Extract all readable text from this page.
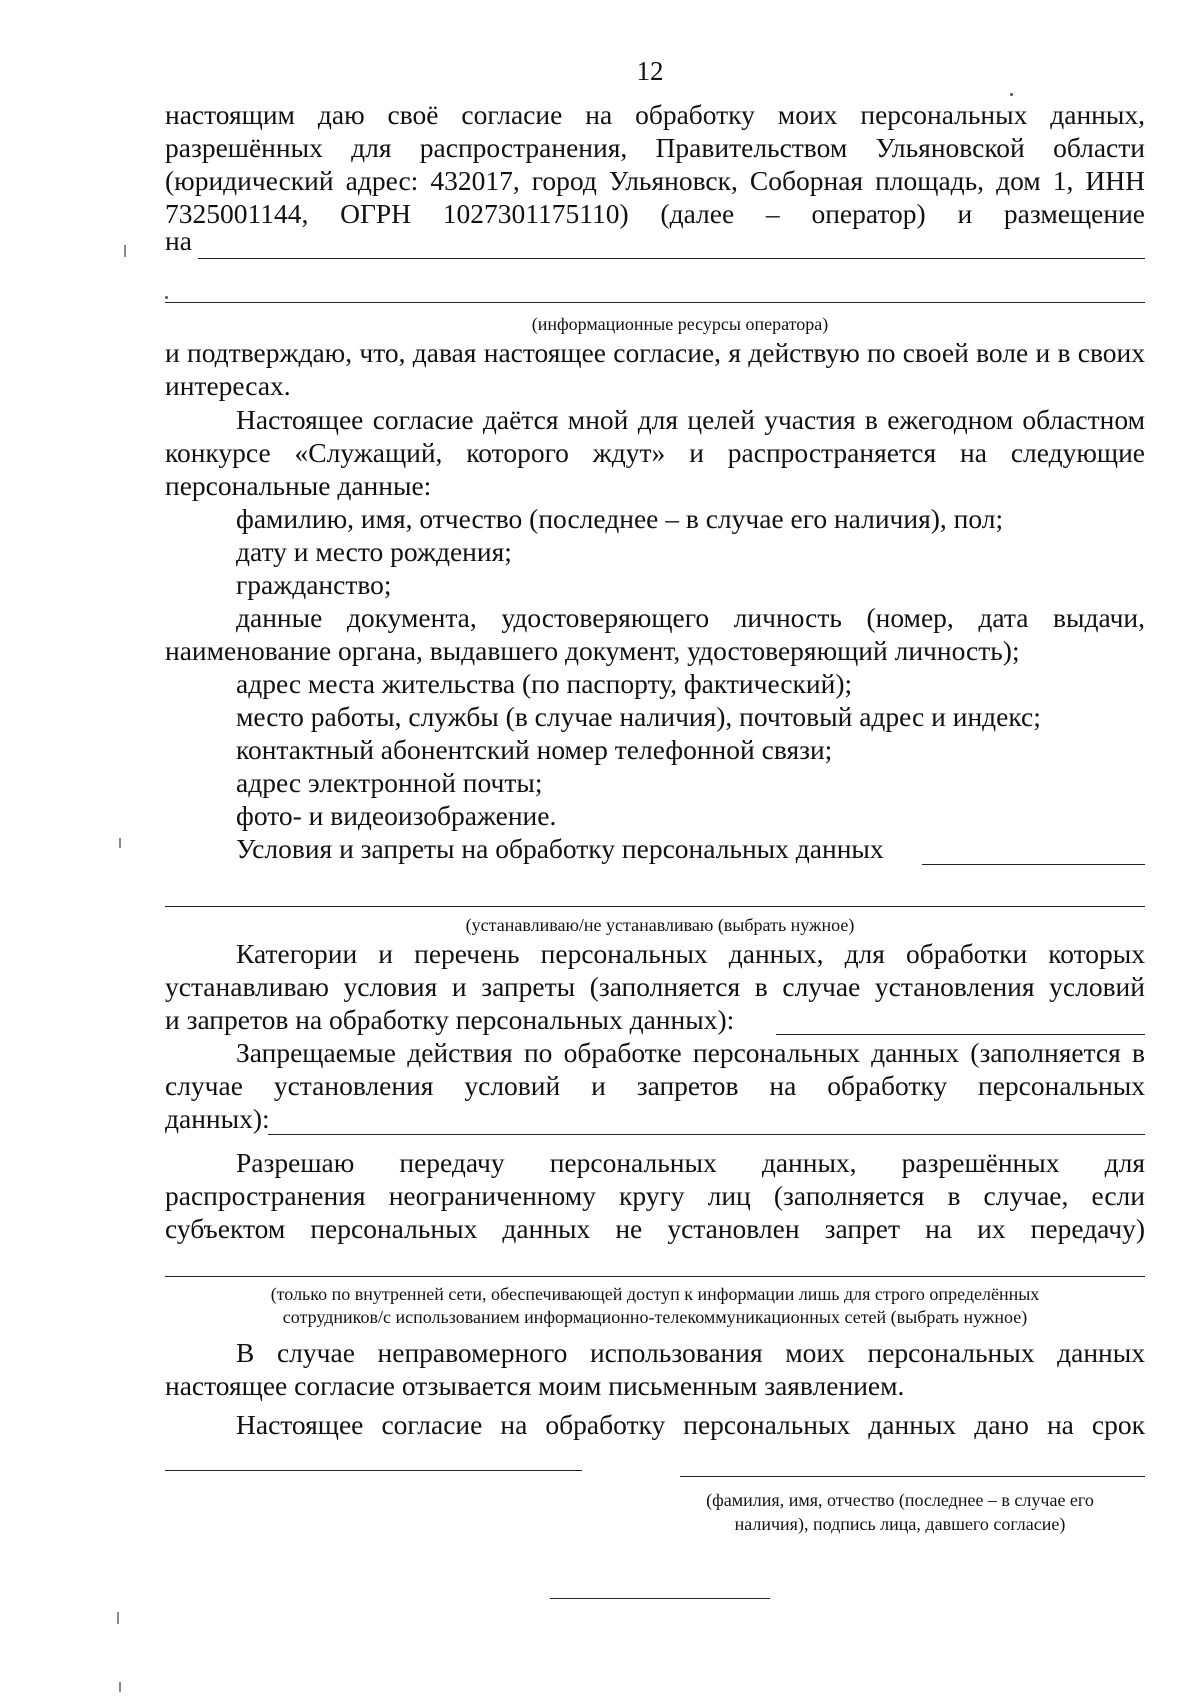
12
настоящим даю своё согласие на обработку моих персональных данных, разрешённых для распространения, Правительством Ульяновской области (юридический адрес: 432017, город Ульяновск, Соборная площадь, дом 1, ИНН 7325001144, ОГРН 1027301175110) (далее – оператор) и размещение
на
(информационные ресурсы оператора)
и подтверждаю, что, давая настоящее согласие, я действую по своей воле и в своих интересах.
Настоящее согласие даётся мной для целей участия в ежегодном областном конкурсе «Служащий, которого ждут» и распространяется на следующие персональные данные:
фамилию, имя, отчество (последнее – в случае его наличия), пол;
дату и место рождения;
гражданство;
данные документа, удостоверяющего личность (номер, дата выдачи, наименование органа, выдавшего документ, удостоверяющий личность);
адрес места жительства (по паспорту, фактический);
место работы, службы (в случае наличия), почтовый адрес и индекс;
контактный абонентский номер телефонной связи;
адрес электронной почты;
фото- и видеоизображение.
Условия и запреты на обработку персональных данных
(устанавливаю/не устанавливаю (выбрать нужное)
Категории и перечень персональных данных, для обработки которых устанавливаю условия и запреты (заполняется в случае установления условий
и запретов на обработку персональных данных):
Запрещаемые действия по обработке персональных данных (заполняется в случае установления условий и запретов на обработку персональных
данных):
Разрешаю передачу персональных данных, разрешённых для распространения неограниченному кругу лиц (заполняется в случае, если субъектом персональных данных не установлен запрет на их передачу)
(только по внутренней сети, обеспечивающей доступ к информации лишь для строго определённых
сотрудников/с использованием информационно-телекоммуникационных сетей (выбрать нужное)
В случае неправомерного использования моих персональных данных настоящее согласие отзывается моим письменным заявлением.
Настоящее согласие на обработку персональных данных дано на срок
(фамилия, имя, отчество (последнее – в случае его
наличия), подпись лица, давшего согласие)
